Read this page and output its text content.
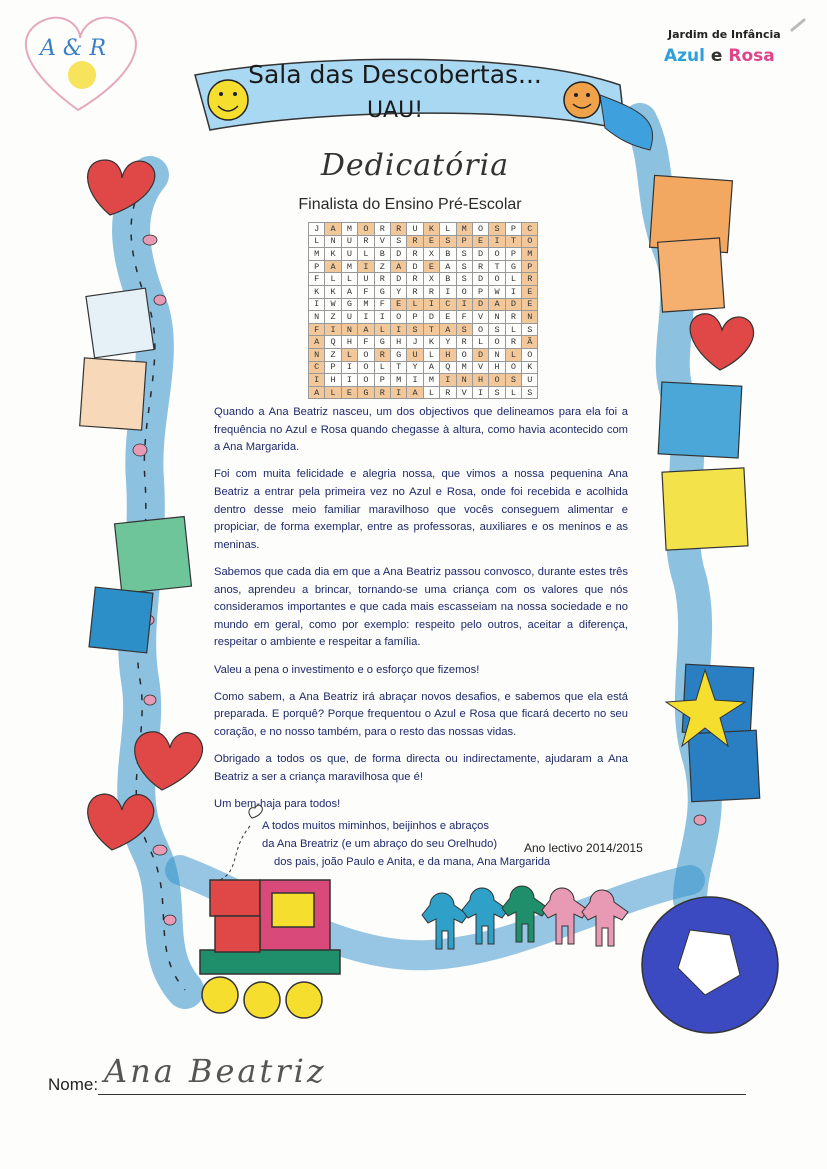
Jardim de Infância
Azul e Rosa
A & R
Sala das Descobertas...
UAU!
Dedicatória
Finalista do Ensino Pré-Escolar
J	A	M	O	R	R	U	K	L	M	O	S	P	C
L	N	U	R	V	S	R	E	S	P	E	I	T	O
M	K	U	L	B	D	R	X	B	S	D	O	P	M
P	A	M	I	Z	A	D	E	A	S	R	T	G	P
F	L	L	U	R	D	R	X	B	S	D	O	L	R
K	K	A	F	G	Y	R	R	I	O	P	W	I	E
I	W	G	M	F	E	L	I	C	I	D	A	D	E
N	Z	U	I	I	O	P	D	E	F	V	N	R	N
F	I	N	A	L	I	S	T	A	S	O	S	L	S
A	Q	H	F	G	H	J	K	Y	R	L	O	R	Ã
N	Z	L	O	R	G	U	L	H	O	D	N	L	O
C	P	I	O	L	T	Y	A	Q	M	V	H	O	K
I	H	I	O	P	M	I	M	I	N	H	O	S	U
A	L	E	G	R	I	A	L	R	V	I	S	L	S

Quando a Ana Beatriz nasceu, um dos objectivos que delineamos para ela foi a frequência no Azul e Rosa quando chegasse à altura, como havia acontecido com a Ana Margarida.

Foi com muita felicidade e alegria nossa, que vimos a nossa pequenina Ana Beatriz a entrar pela primeira vez no Azul e Rosa, onde foi recebida e acolhida dentro desse meio familiar maravilhoso que vocês conseguem alimentar e propiciar, de forma exemplar, entre as professoras, auxiliares e os meninos e as meninas.

Sabemos que cada dia em que a Ana Beatriz passou convosco, durante estes três anos, aprendeu a brincar, tornando-se uma criança com os valores que nós consideramos importantes e que cada mais escasseiam na nossa sociedade e no mundo em geral, como por exemplo: respeito pelo outros, aceitar a diferença, respeitar o ambiente e respeitar a família.

Valeu a pena o investimento e o esforço que fizemos!

Como sabem, a Ana Beatriz irá abraçar novos desafios, e sabemos que ela está preparada. E porquê? Porque frequentou o Azul e Rosa que ficará decerto no seu coração, e no nosso também, para o resto das nossas vidas.

Obrigado a todos os que, de forma directa ou indirectamente, ajudaram a Ana Beatriz a ser a criança maravilhosa que é!

Um bem-haja para todos!

A todos muitos miminhos, beijinhos e abraços
da Ana Breatriz (e um abraço do seu Orelhudo)
dos pais, joão Paulo e Anita, e da mana, Ana Margarida
Ano lectivo 2014/2015
Nome: Ana Beatriz
